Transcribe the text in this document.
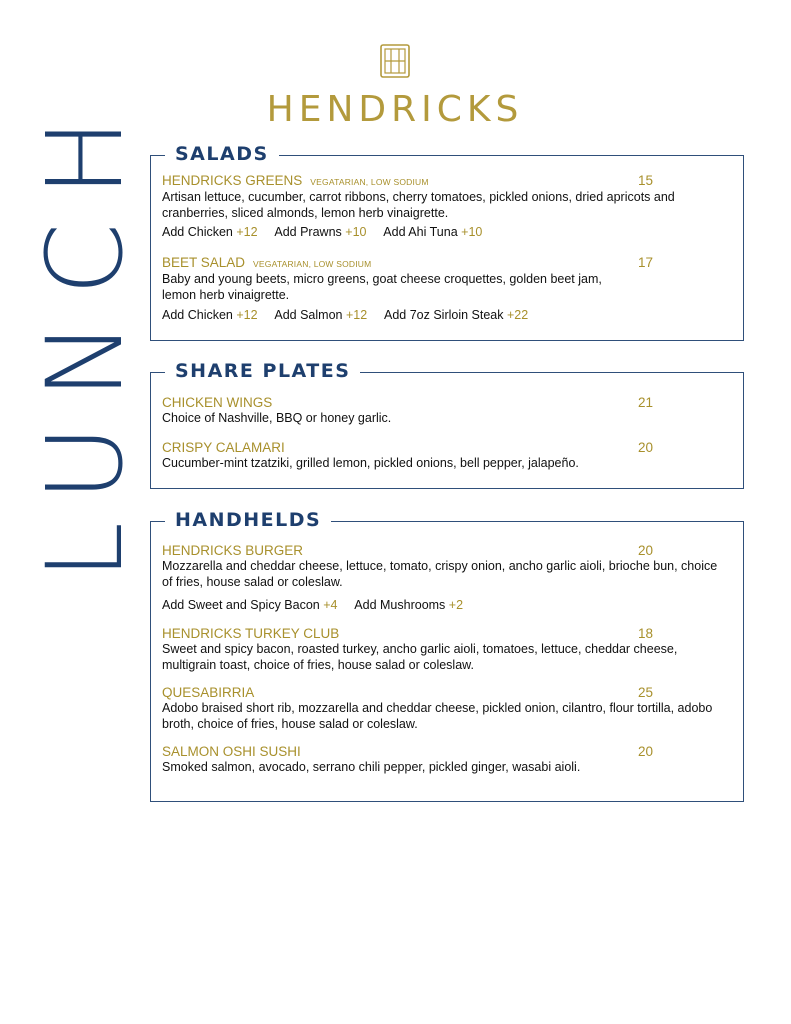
HENDRICKS
LUNCH	SALADS
HENDRICKS GREENS VEGATARIAN, LOW SODIUM	15
Artisan lettuce, cucumber, carrot ribbons, cherry tomatoes, pickled onions, dried apricots and cranberries, sliced almonds, lemon herb vinaigrette.
Add Chicken +12 Add Prawns +10 Add Ahi Tuna +10
BEET SALAD VEGATARIAN, LOW SODIUM	17
Baby and young beets, micro greens, goat cheese croquettes, golden beet jam, lemon herb vinaigrette.
Add Chicken +12 Add Salmon +12 Add 7oz Sirloin Steak +22
SHARE PLATES
CHICKEN WINGS	21
Choice of Nashville, BBQ or honey garlic.
CRISPY CALAMARI	20
Cucumber-mint tzatziki, grilled lemon, pickled onions, bell pepper, jalapeño.
HANDHELDS
HENDRICKS BURGER	20
Mozzarella and cheddar cheese, lettuce, tomato, crispy onion, ancho garlic aioli, brioche bun, choice of fries, house salad or coleslaw.
Add Sweet and Spicy Bacon +4 Add Mushrooms +2
HENDRICKS TURKEY CLUB	18
Sweet and spicy bacon, roasted turkey, ancho garlic aioli, tomatoes, lettuce, cheddar cheese, multigrain toast, choice of fries, house salad or coleslaw.
QUESABIRRIA	25
Adobo braised short rib, mozzarella and cheddar cheese, pickled onion, cilantro, flour tortilla, adobo broth, choice of fries, house salad or coleslaw.
SALMON OSHI SUSHI	20
Smoked salmon, avocado, serrano chili pepper, pickled ginger, wasabi aioli.
